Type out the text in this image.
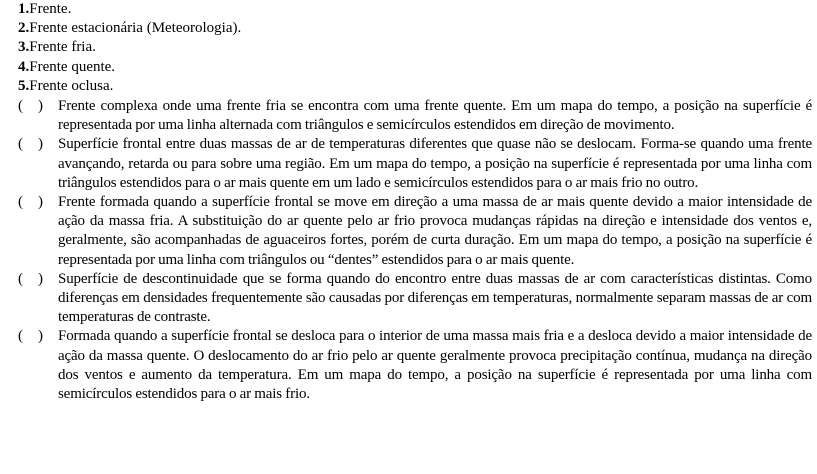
1.Frente.
2.Frente estacionária (Meteorologia).
3.Frente fria.
4.Frente quente.
5.Frente oclusa.
(    )	Frente complexa onde uma frente fria se encontra com uma frente quente. Em um mapa do tempo, a posição na superfície é representada por uma linha alternada com triângulos e semicírculos estendidos em direção de movimento.
(    )	Superfície frontal entre duas massas de ar de temperaturas diferentes que quase não se deslocam. Forma-se quando uma frente avançando, retarda ou para sobre uma região. Em um mapa do tempo, a posição na superfície é representada por uma linha com triângulos estendidos para o ar mais quente em um lado e semicírculos estendidos para o ar mais frio no outro.
(    )	Frente formada quando a superfície frontal se move em direção a uma massa de ar mais quente devido a maior intensidade de ação da massa fria. A substituição do ar quente pelo ar frio provoca mudanças rápidas na direção e intensidade dos ventos e, geralmente, são acompanhadas de aguaceiros fortes, porém de curta duração. Em um mapa do tempo, a posição na superfície é representada por uma linha com triângulos ou “dentes” estendidos para o ar mais quente.
(    )	Superfície de descontinuidade que se forma quando do encontro entre duas massas de ar com características distintas. Como diferenças em densidades frequentemente são causadas por diferenças em temperaturas, normalmente separam massas de ar com temperaturas de contraste.
(    )	Formada quando a superfície frontal se desloca para o interior de uma massa mais fria e a desloca devido a maior intensidade de ação da massa quente. O deslocamento do ar frio pelo ar quente geralmente provoca precipitação contínua, mudança na direção dos ventos e aumento da temperatura. Em um mapa do tempo, a posição na superfície é representada por uma linha com semicírculos estendidos para o ar mais frio.
